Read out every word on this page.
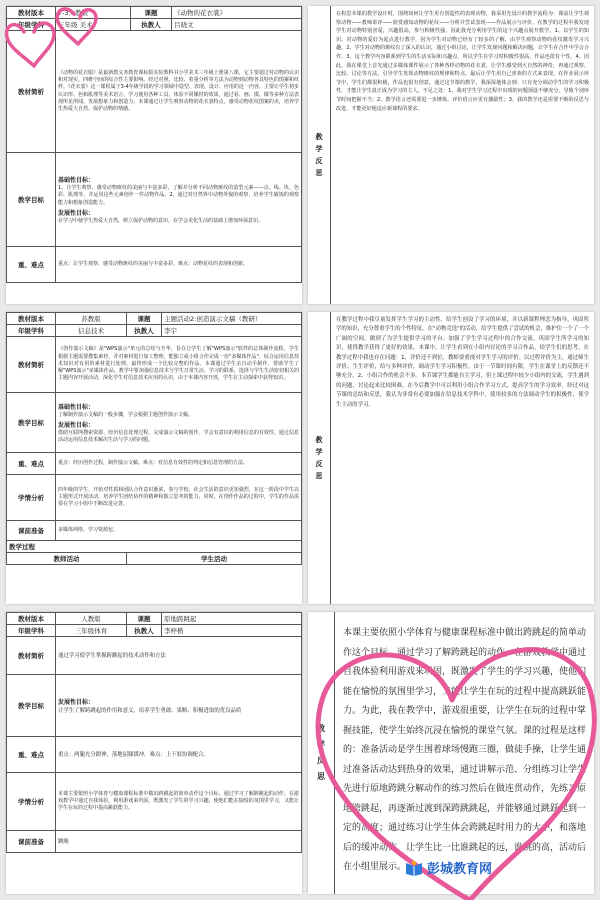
教材版本	7-3人教版	课题	《动物的花衣裳》
年级学科	三年级 美术	执教人	吕晓文
教材简析	《动物的花衣服》是最新教义务教育课标版实验教科书小学美术三年级上册第八课，它主要通过对动物的认识和对现实，四维空间的综合性主要影响。经过对照、比较、着重分析等方法为动物到动物各具特色的图案和纹样。《花衣裳》这一课程属于3-4年级学段的学习领域中造型、表现、设计、应用的这一内容，主要让学生初步认识形、色和肌理等美术语言，学习使用各种工具，体验不同媒材的效果，通过看、画、摸、做等多种方法表现所见所闻，发展想象力和创造力。本课通过让学生观察动物的花衣裳特点，感受动物花纹图案的美，培养学生热爱大自然、保护动物的情感。		

教学目标	基础性目标：
1、让学生观察、感受动物斑纹的美丽与丰富多彩，了解并分析不同动物斑纹的造型元素——点、线、块、色彩、肌理等，并运用这些元素创作一件动物作品。2、通过对自然界中动物外貌的观察，培养学生敏锐的观察能力和想象创造能力。
发展性目标：
在学习中使学生热爱大自然，树立保护动物的意识，在学会美化生活的基础上增加环保意识。		

重、难点	重点：让学生观察、感受动物斑纹的美丽与丰富多彩。难点：动物花纹的表现和创新。		
教
学
反
思
在构思本课的教学设计时，围绕如何让学生更有创造性的表现动物，我采用先设计的教学流程为：课前让学生观察动物——教师讲评——欣赏感知动物的花纹——分析并尝试表现——作品展示与评价。在教学的过程中我发现学生对动物特别喜爱，兴趣很高，参与积极性强，因此我充分利用学生的这个兴趣点展开教学。1、以学生的知识、对动物的爱好为起点进行教学，因为学生对动物已经有了较多的了解，由学生观察动物的花纹激发学习兴趣。2、学生对动物的斑纹有了深入的认识，通过小组讨论，让学生发现问题和解决问题，让学生在合作中学会合作。3、这个教学内容联系到学生的生活实际和兴趣点，所以学生在学习时积极性很高，作品也很有个性。4、因此，我在课堂上首先通过多媒体课件展示了各种各样动物的花衣裳，让学生感受到大自然的神奇，再通过观察、比较、讨论等方法，引导学生发现动物斑纹的规律和特点，最后让学生用自己喜欢的方式来表现。在作业展示环节中，学生们都很积极，作品也很有创意。通过这节课的教学，我深深地体会到：只有充分调动学生的学习积极性，才能让学生真正成为学习的主人。不足之处：1、我对学生学习过程中出现的问题预设不够充分，导致个别环节时间把握不当；2、教学语言还需要进一步锤炼，评价语言应更有激励性；3、我的教学还是需要不断的反思与改进，才能更好地适应新课程的要求。
教材版本	苏教版	课题	主题活动2:创造演示文稿（教研）
年级学科	信息技术	执教人	李宇
教材简析	《创作演示文稿》是"WPS演示"单元的总结与升华，旨在让学生了解"WPS演示"软件的总体制作流程，学生根据主题需要搜集素材，并对素材进行加工整理，能独立或小组合作完成一份"多媒体作品"，综合运用信息技术知识对有用的素材进行处理，最终形成一个比较完整的作品。本课通过学生亲自动手制作，帮助学生了解"WPS演示"多媒体作品。教学中要加强信息技术与学生日常生活、学习的联系，选择与学生生活密切相关的主题内容开展活动，深化学生对信息技术应用的认识，由于本课内容开放，学生在主动探索中获得知识。		

教学目标	基础性目标：
了解制作演示文稿的一般步骤，学会根据主题创作演示文稿。
发展性目标：
借助互联网搜索资源，经历信息处理过程，完成演示文稿的创作。学会有意识的利用信息的有效性，通过信息活动运用信息技术解决生活与学习的问题。		

重、难点	重点：经历创作过程，制作演示文稿。难点：对信息有效性的判定和信息管理的方法。		

学情分析	四年级的学生，开始对性质和团队合作意识渐浓，参与学校、社会生活的意识更加强烈，在这一阶段中学生以主题形式开展活动，培养学生团结协作的精神和独立思考的能力，同时，在创作作品的过程中，学生的作品需要在学习小组中不断改进完善。		

课前准备	多媒体网络、学习资源包。		

教学过程			
教师活动		学生活动	
教
学
反
思
在教学过程中我尽量发挥学生学习的主动性，给学生创设了学习的环境，并以新课程理念为指导，巩固所学的知识，充分尊重学生的个性特征。在"动物竞选"的活动，给学生提供了尝试的机会，维护住一个了一个广阔的空间，做到了为学生提供学习的平台。加强了学生学习过程中的合作交流，巩固学生所学习的知识，使得教学获得了更好的效果。本课中，让学生看到在小组内讨论的学习合作品，给学生们的思考。在教学过程中我也存在问题：1、评价还不到位。教师要重视对学生学习的评价。以过程评价为主，通过师生评价、生生评价，给与多种评价，调动学生学习积极性。由于一节课时间有限，学生在课堂上的反馈还不够充分。2、小组合作的机会不多。本节课学生都能自主学习，但上课过程中较少小组内的交流，学生遇到的问题，讨论起来比较困难，在今后教学中可以利用小组合作学习方式，提高学生的学习效率。经过对这节课的总结和反思，我认为非常有必要加强在信息技术学科中，使用较多的方法调动学生的积极性，使学生主动的学习。
教材版本	人教版	课题	原地跨跳起
年级学科	三年级体育	执教人	李梓楷
教材简析	通过学习使学生掌握跨跳起的技术动作和方法		

教学目标	发展性目标：
让学生了解跨跳起的作用和意义，培养学生勇敢、果断、积极进取的优良品质		

重、难点	重点：两腿充分蹬伸，落地屈膝缓冲。难点：上下肢协调配合。		

学情分析	本课主要依照小学体育与健康课程标准中做出跨跳起的简单动作这个目标，通过学习了解跨跳起的动作。在游戏教学中通过自我体验，利用游戏来巩固。既激发了学生的学习兴趣，使他们能在愉悦的氛围里学习，又能让学生在玩的过程中提高跳跃能力。		

课前准备	跳绳		
教
学
反
思
本课主要依照小学体育与健康课程标准中做出跨跳起的简单动作这个目标，通过学习了解跨跳起的动作，在游戏教学中通过自我体验利用游戏来巩固，既激发了学生的学习兴趣，使他们能在愉悦的氛围里学习，又能让学生在玩的过程中提高跳跃能力。为此，我在教学中，游戏很重要，让学生在玩的过程中掌握技能，使学生始终沉浸在愉悦的课堂气氛。课的过程是这样的：准备活动是学生围着球场慢跑三圈，做徒手操，让学生通过准备活动达到热身的效果，通过讲解示范、分组练习让学生先进行原地跨跳分解动作的练习然后在做连贯动作，先练习原地跨跳起，再逐渐过渡到深跨跳跳起，并能够通过跳跃起到一定的高度；通过练习让学生体会跨跳起时用力的大小，和落地后的缓冲动作，让学生比一比谁跳起的远，谁跳的高，活动后在小组里展示。	彭城教育网
